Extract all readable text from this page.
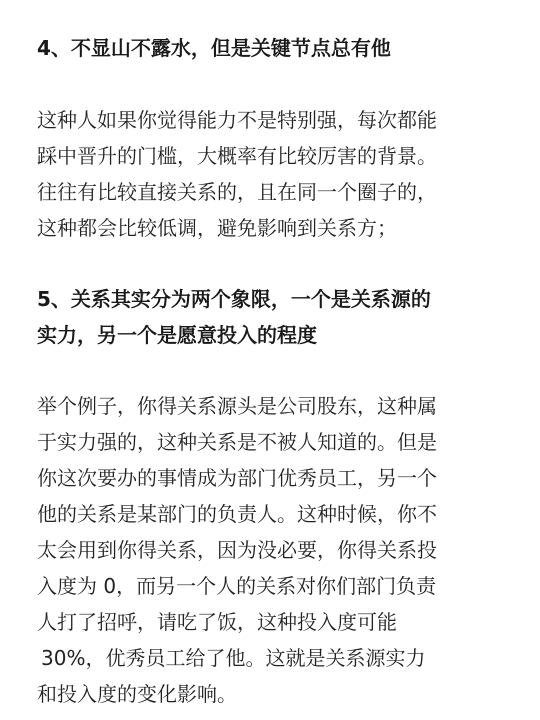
4、不显山不露水，但是关键节点总有他

这种人如果你觉得能力不是特别强，每次都能
踩中晋升的门槛，大概率有比较厉害的背景。
往往有比较直接关系的，且在同一个圈子的，
这种都会比较低调，避免影响到关系方；

5、关系其实分为两个象限，一个是关系源的
实力，另一个是愿意投入的程度

举个例子，你得关系源头是公司股东，这种属
于实力强的，这种关系是不被人知道的。但是
你这次要办的事情成为部门优秀员工，另一个
他的关系是某部门的负责人。这种时候，你不
太会用到你得关系，因为没必要，你得关系投
入度为 0，而另一个人的关系对你们部门负责
人打了招呼，请吃了饭，这种投入度可能
30%，优秀员工给了他。这就是关系源实力
和投入度的变化影响。
